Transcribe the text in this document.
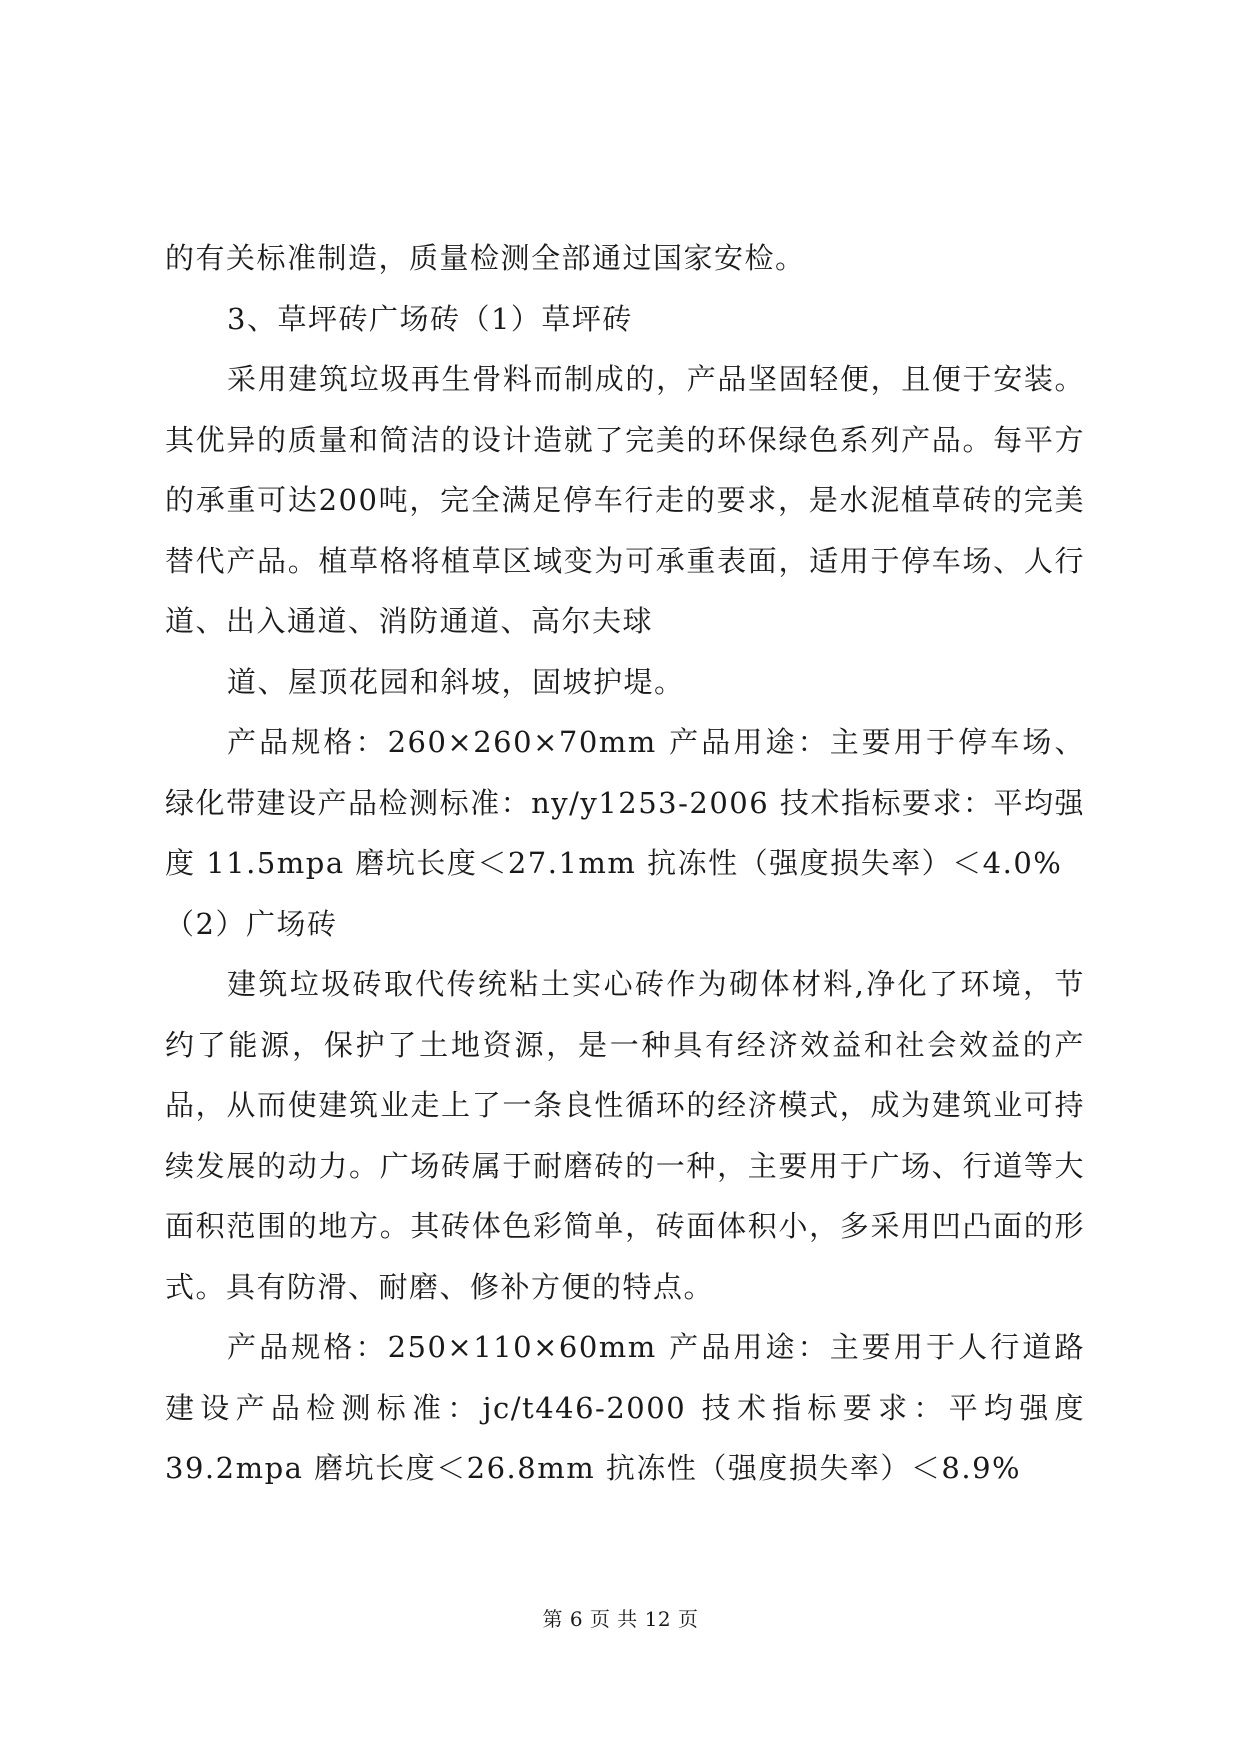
的有关标准制造，质量检测全部通过国家安检。

3、草坪砖广场砖（1）草坪砖

采用建筑垃圾再生骨料而制成的，产品坚固轻便，且便于安装。其优异的质量和简洁的设计造就了完美的环保绿色系列产品。每平方的承重可达200吨，完全满足停车行走的要求，是水泥植草砖的完美替代产品。植草格将植草区域变为可承重表面，适用于停车场、人行道、出入通道、消防通道、高尔夫球

道、屋顶花园和斜坡，固坡护堤。

产品规格：260×260×70mm 产品用途：主要用于停车场、绿化带建设产品检测标准：ny/y1253-2006 技术指标要求：平均强度 11.5mpa 磨坑长度＜27.1mm 抗冻性（强度损失率）＜4.0%

（2）广场砖

建筑垃圾砖取代传统粘土实心砖作为砌体材料,净化了环境，节约了能源，保护了土地资源，是一种具有经济效益和社会效益的产品，从而使建筑业走上了一条良性循环的经济模式，成为建筑业可持续发展的动力。广场砖属于耐磨砖的一种，主要用于广场、行道等大面积范围的地方。其砖体色彩简单，砖面体积小，多采用凹凸面的形式。具有防滑、耐磨、修补方便的特点。

产品规格：250×110×60mm 产品用途：主要用于人行道路建设产品检测标准：jc/t446-2000 技术指标要求：平均强度 39.2mpa 磨坑长度＜26.8mm 抗冻性（强度损失率）＜8.9%

第 6 页 共 12 页
